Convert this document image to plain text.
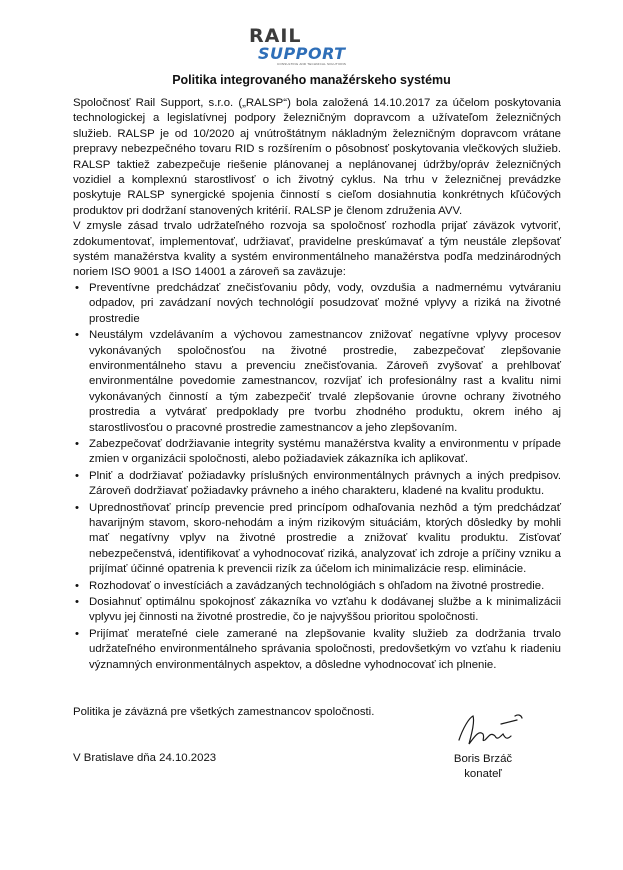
RAIL
SUPPORT
CONSULTING AND TECHNICAL SOLUTIONS
Politika integrovaného manažérskeho systému

Spoločnosť Rail Support, s.r.o. („RALSP“) bola založená 14.10.2017 za účelom poskytovania technologickej a legislatívnej podpory železničným dopravcom a užívateľom železničných služieb. RALSP je od 10/2020 aj vnútroštátnym nákladným železničným dopravcom vrátane prepravy nebezpečného tovaru RID s rozšírením o pôsobnosť poskytovania vlečkových služieb. RALSP taktiež zabezpečuje riešenie plánovanej a neplánovanej údržby/opráv železničných vozidiel a komplexnú starostlivosť o ich životný cyklus. Na trhu v železničnej prevádzke poskytuje RALSP synergické spojenia činností s cieľom dosiahnutia konkrétnych kľúčových produktov pri dodržaní stanovených kritérií. RALSP je členom združenia AVV.

V zmysle zásad trvalo udržateľného rozvoja sa spoločnosť rozhodla prijať záväzok vytvoriť, zdokumentovať, implementovať, udržiavať, pravidelne preskúmavať a tým neustále zlepšovať systém manažérstva kvality a systém environmentálneho manažérstva podľa medzinárodných noriem ISO 9001 a ISO 14001 a zároveň sa zaväzuje:

• Preventívne predchádzať znečisťovaniu pôdy, vody, ovzdušia a nadmernému vytváraniu odpadov, pri zavádzaní nových technológií posudzovať možné vplyvy a riziká na životné prostredie
• Neustálym vzdelávaním a výchovou zamestnancov znižovať negatívne vplyvy procesov vykonávaných spoločnosťou na životné prostredie, zabezpečovať zlepšovanie environmentálneho stavu a prevenciu znečisťovania. Zároveň zvyšovať a prehlbovať environmentálne povedomie zamestnancov, rozvíjať ich profesionálny rast a kvalitu nimi vykonávaných činností a tým zabezpečiť trvalé zlepšovanie úrovne ochrany životného prostredia a vytvárať predpoklady pre tvorbu zhodného produktu, okrem iného aj starostlivosťou o pracovné prostredie zamestnancov a jeho zlepšovaním.
• Zabezpečovať dodržiavanie integrity systému manažérstva kvality a environmentu v prípade zmien v organizácii spoločnosti, alebo požiadaviek zákazníka ich aplikovať.
• Plniť a dodržiavať požiadavky príslušných environmentálnych právnych a iných predpisov. Zároveň dodržiavať požiadavky právneho a iného charakteru, kladené na kvalitu produktu.
• Uprednostňovať princíp prevencie pred princípom odhaľovania nezhôd a tým predchádzať havarijným stavom, skoro-nehodám a iným rizikovým situáciám, ktorých dôsledky by mohli mať negatívny vplyv na životné prostredie a znižovať kvalitu produktu. Zisťovať nebezpečenstvá, identifikovať a vyhodnocovať riziká, analyzovať ich zdroje a príčiny vzniku a prijímať účinné opatrenia k prevencii rizík za účelom ich minimalizácie resp. eliminácie.
• Rozhodovať o investíciách a zavádzaných technológiách s ohľadom na životné prostredie.
• Dosiahnuť optimálnu spokojnosť zákazníka vo vzťahu k dodávanej službe a k minimalizácii vplyvu jej činnosti na životné prostredie, čo je najvyššou prioritou spoločnosti.
• Prijímať merateľné ciele zamerané na zlepšovanie kvality služieb za dodržania trvalo udržateľného environmentálneho správania spoločnosti, predovšetkým vo vzťahu k riadeniu významných environmentálnych aspektov, a dôsledne vyhodnocovať ich plnenie.
Politika je záväzná pre všetkých zamestnancov spoločnosti.
V Bratislave dňa 24.10.2023	Boris Brzáč
konateľ
